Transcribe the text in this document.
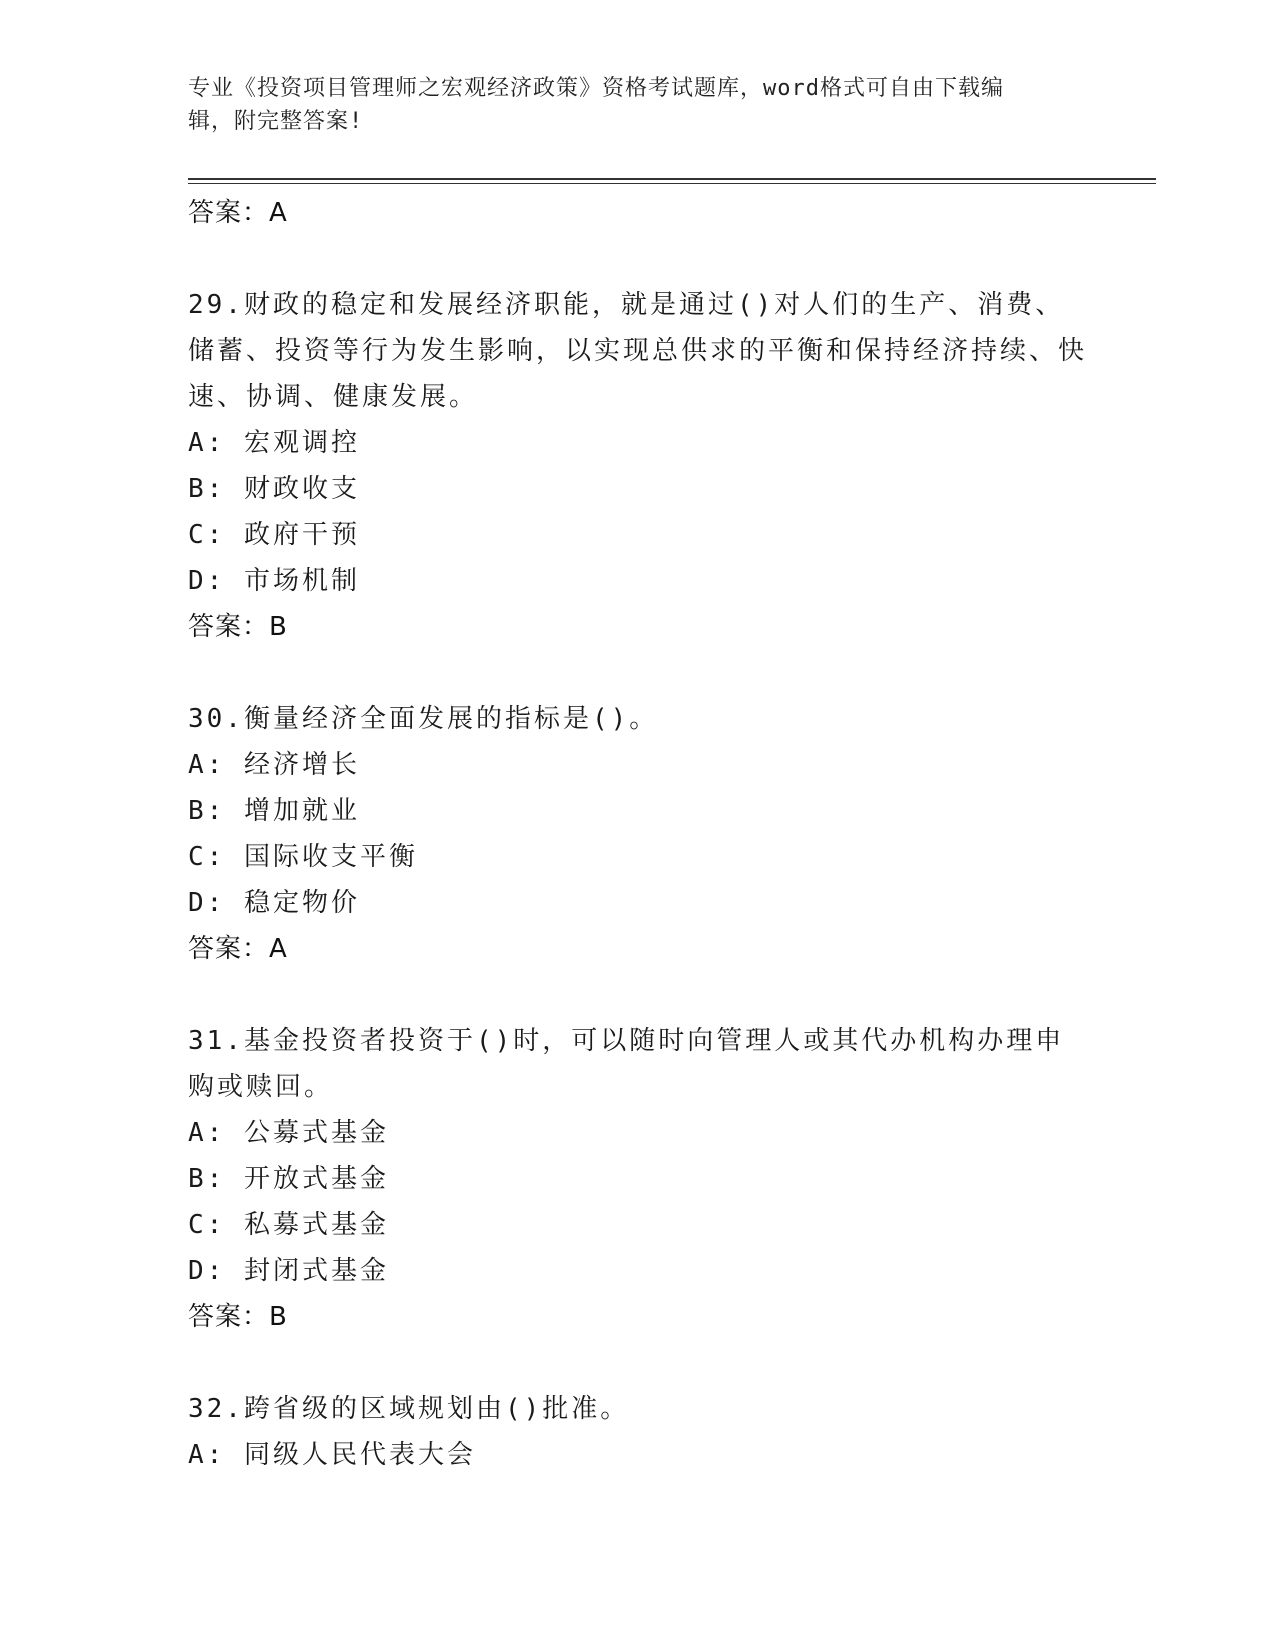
专业《投资项目管理师之宏观经济政策》资格考试题库，word格式可自由下载编
辑，附完整答案!
答案：A
29.财政的稳定和发展经济职能，就是通过()对人们的生产、消费、储蓄、投资等行为发生影响，以实现总供求的平衡和保持经济持续、快速、协调、健康发展。
A: 宏观调控
B: 财政收支
C: 政府干预
D: 市场机制
答案：B
30.衡量经济全面发展的指标是()。
A: 经济增长
B: 增加就业
C: 国际收支平衡
D: 稳定物价
答案：A
31.基金投资者投资于()时，可以随时向管理人或其代办机构办理申购或赎回。
A: 公募式基金
B: 开放式基金
C: 私募式基金
D: 封闭式基金
答案：B
32.跨省级的区域规划由()批准。
A: 同级人民代表大会
